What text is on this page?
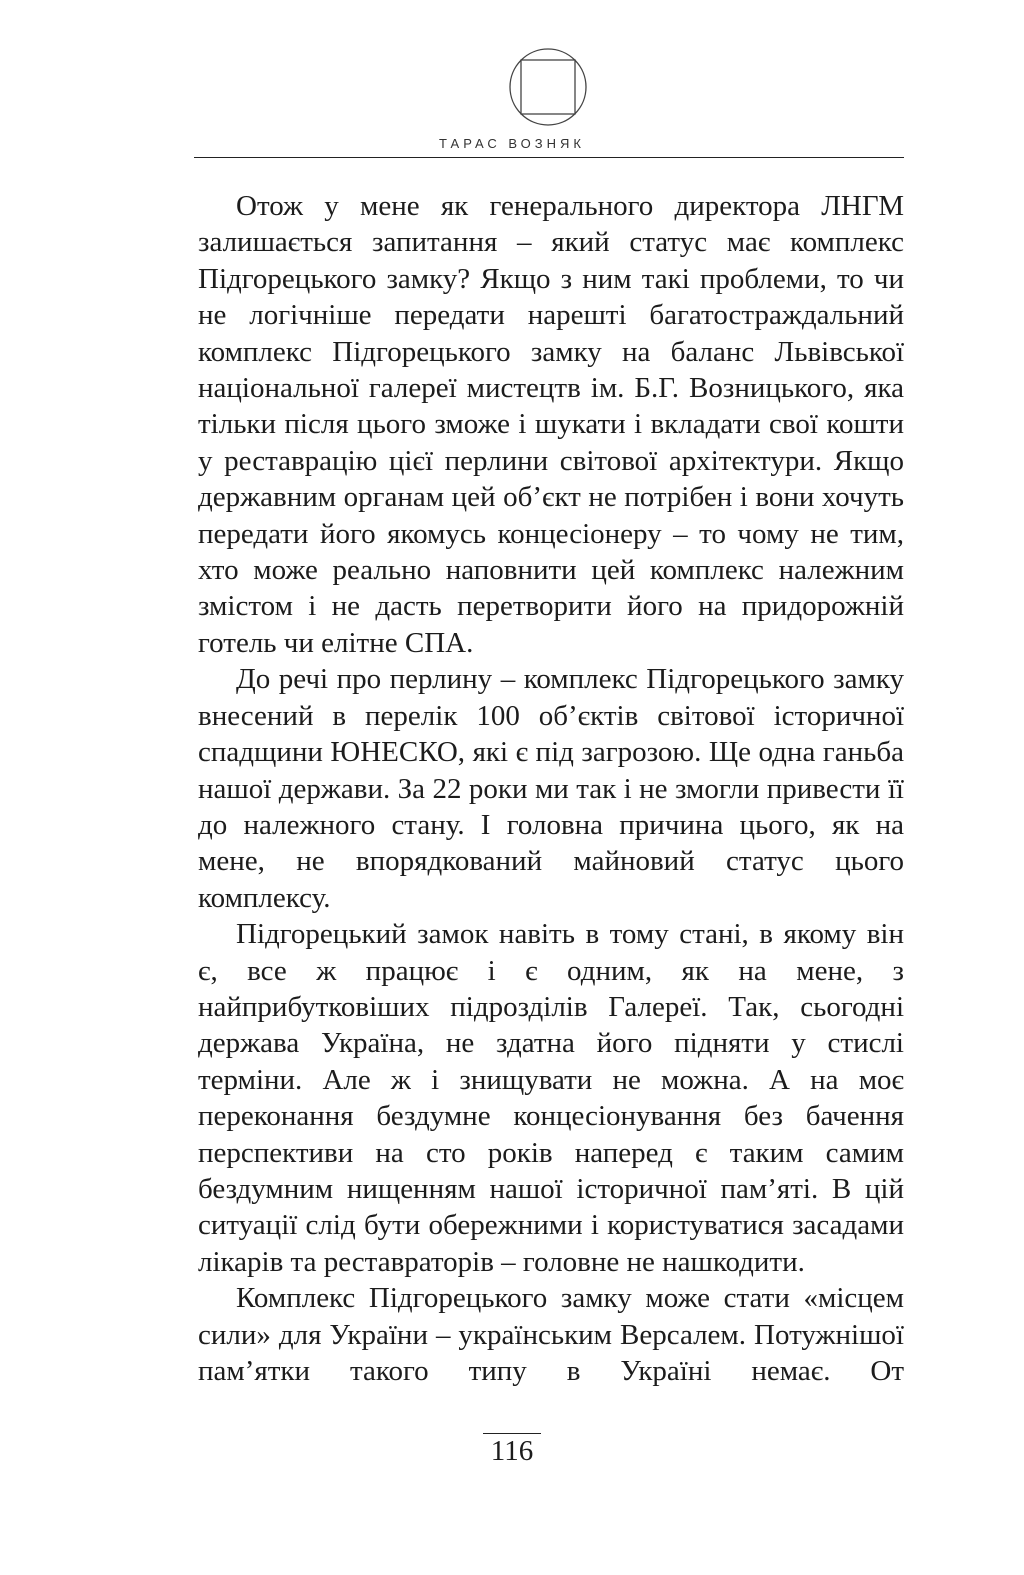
ТАРАС ВОЗНЯК

Отож у мене як генерального директора ЛНГМ залишається запитання – який статус має комплекс Підгорецького замку? Якщо з ним такі проблеми, то чи не логічніше передати нарешті багатостраждальний комплекс Підгорецького замку на баланс Львівської національної галереї мистецтв ім. Б.Г. Возницького, яка тільки після цього зможе і шукати і вкладати свої кошти у реставрацію цієї перлини світової архітектури. Якщо державним органам цей об’єкт не потрібен і вони хочуть передати його якомусь концесіонеру – то чому не тим, хто може реально наповнити цей комплекс належним змістом і не дасть перетворити його на придорожній готель чи елітне СПА.

До речі про перлину – комплекс Підгорецького замку внесений в перелік 100 об’єктів світової історичної спадщини ЮНЕСКО, які є під загрозою. Ще одна ганьба нашої держави. За 22 роки ми так і не змогли привести її до належного стану. І головна причина цього, як на мене, не впорядкований майновий статус цього комплексу.

Підгорецький замок навіть в тому стані, в якому він є, все ж працює і є одним, як на мене, з найприбутковіших підрозділів Галереї. Так, сьогодні держава Україна, не здатна його підняти у стислі терміни. Але ж і знищувати не можна. А на моє переконання бездумне концесіонування без бачення перспективи на сто років наперед є таким самим бездумним нищенням нашої історичної пам’яті. В цій ситуації слід бути обережними і користуватися засадами лікарів та реставраторів – головне не нашкодити.

Комплекс Підгорецького замку може стати «місцем сили» для України – українським Версалем. Потужнішої пам’ятки такого типу в Україні немає. От

116
